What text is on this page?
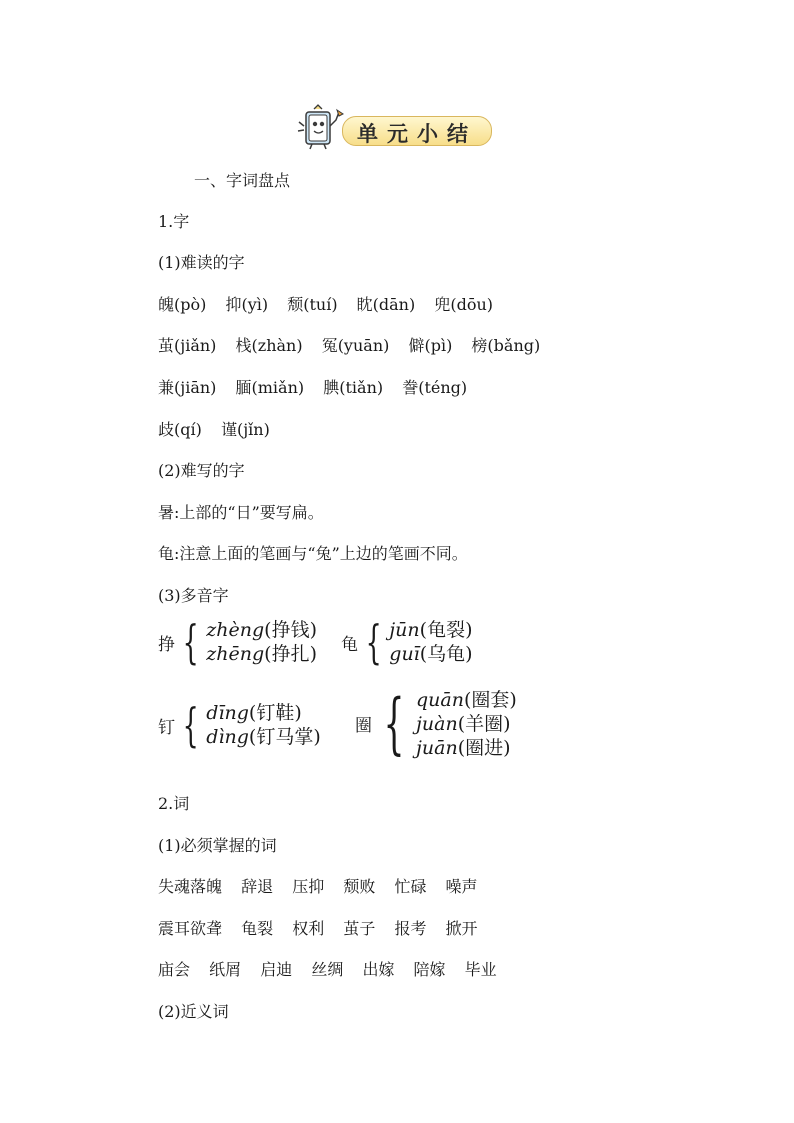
单元小结
一、字词盘点
1.字
(1)难读的字
魄(pò) 抑(yì) 颓(tuí) 眈(dān) 兜(dōu)
茧(jiǎn) 栈(zhàn) 冤(yuān) 僻(pì) 榜(bǎng)
兼(jiān) 腼(miǎn) 腆(tiǎn) 誊(téng)
歧(qí) 谨(jǐn)
(2)难写的字
暑:上部的“日”要写扁。
龟:注意上面的笔画与“兔”上边的笔画不同。
(3)多音字
挣 { zhèng(挣钱)
zhēng(挣扎) 龟 { jūn(龟裂)
guī(乌龟)
钉 { dīng(钉鞋)
dìng(钉马掌) 圈 { quān(圈套)
juàn(羊圈)
juān(圈进)
2.词
(1)必须掌握的词
失魂落魄 辞退 压抑 颓败 忙碌 噪声
震耳欲聋 龟裂 权利 茧子 报考 掀开
庙会 纸屑 启迪 丝绸 出嫁 陪嫁 毕业
(2)近义词
